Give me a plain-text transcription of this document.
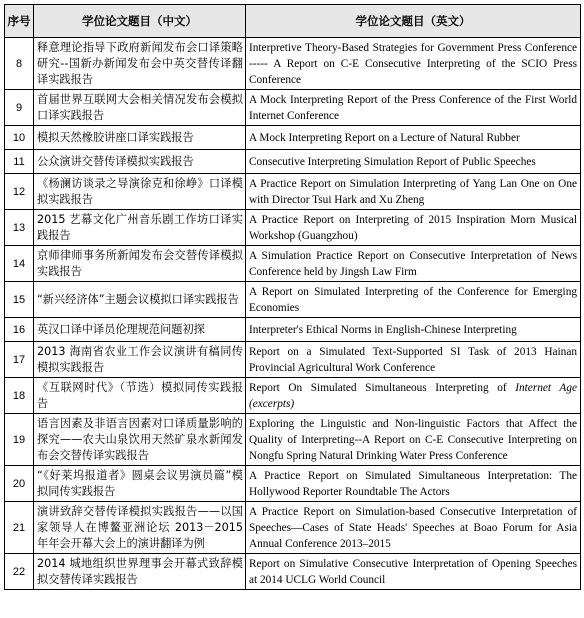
序号	学位论文题目（中文）	学位论文题目（英文）
8	释意理论指导下政府新闻发布会口译策略研究--国新办新闻发布会中英交替传译翻译实践报告	Interpretive Theory-Based Strategies for Government Press Conference ----- A Report on C-E Consecutive Interpreting of the SCIO Press Conference
9	首届世界互联网大会相关情况发布会模拟口译实践报告	A Mock Interpreting Report of the Press Conference of the First World Internet Conference
10	模拟天然橡胶讲座口译实践报告	A Mock Interpreting Report on a Lecture of Natural Rubber
11	公众演讲交替传译模拟实践报告	Consecutive Interpreting Simulation Report of Public Speeches
12	《杨澜访谈录之导演徐克和徐峥》口译模拟实践报告	A Practice Report on Simulation Interpreting of Yang Lan One on One with Director Tsui Hark and Xu Zheng
13	2015 艺幕文化广州音乐剧工作坊口译实践报告	A Practice Report on Interpreting of 2015 Inspiration Morn Musical Workshop (Guangzhou)
14	京师律师事务所新闻发布会交替传译模拟实践报告	A Simulation Practice Report on Consecutive Interpretation of News Conference held by Jingsh Law Firm
15	“新兴经济体”主题会议模拟口译实践报告	A Report on Simulated Interpreting of the Conference for Emerging Economies
16	英汉口译中译员伦理规范问题初探	Interpreter's Ethical Norms in English-Chinese Interpreting
17	2013 海南省农业工作会议演讲有稿同传模拟实践报告	Report on a Simulated Text-Supported SI Task of 2013 Hainan Provincial Agricultural Work Conference
18	《互联网时代》（节选）模拟同传实践报告	Report On Simulated Simultaneous Interpreting of Internet Age (excerpts)
19	语言因素及非语言因素对口译质量影响的探究——农夫山泉饮用天然矿泉水新闻发布会交替传译实践报告	Exploring the Linguistic and Non-linguistic Factors that Affect the Quality of Interpreting--A Report on C-E Consecutive Interpreting on Nongfu Spring Natural Drinking Water Press Conference
20	“《好莱坞报道者》圆桌会议男演员篇”模拟同传实践报告	A Practice Report on Simulated Simultaneous Interpretation: The Hollywood Reporter Roundtable The Actors
21	演讲致辞交替传译模拟实践报告——以国家领导人在博鳌亚洲论坛 2013－2015 年年会开幕大会上的演讲翻译为例	A Practice Report on Simulation-based Consecutive Interpretation of Speeches—Cases of State Heads' Speeches at Boao Forum for Asia Annual Conference 2013–2015
22	2014 城地组织世界理事会开幕式致辞模拟交替传译实践报告	Report on Simulative Consecutive Interpretation of Opening Speeches at 2014 UCLG World Council
